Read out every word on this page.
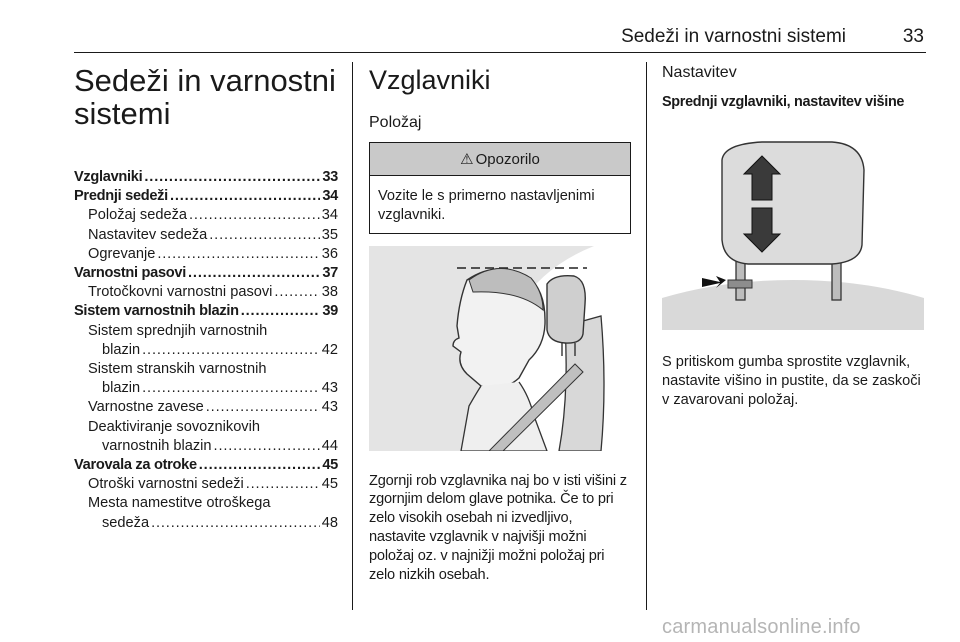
Sedeži in varnostni sistemi	33
Sedeži in varnostni sistemi
Vzglavniki . . .	33
Prednji sedeži . . .	34
Položaj sedeža . . .	34
Nastavitev sedeža . . .	35
Ogrevanje . . .	36
Varnostni pasovi . . .	37
Trotočkovni varnostni pasovi . . .	38
Sistem varnostnih blazin . . .	39
Sistem sprednjih varnostnih
blazin . . .	42
Sistem stranskih varnostnih
blazin . . .	43
Varnostne zavese . . .	43
Deaktiviranje sovoznikovih
varnostnih blazin . . .	44
Varovala za otroke . . .	45
Otroški varnostni sedeži . . .	45
Mesta namestitve otroškega
sedeža . . .	48
Vzglavniki
Položaj
⚠ Opozorilo
Vozite le s primerno nastavljenimi vzglavniki.
Zgornji rob vzglavnika naj bo v isti višini z zgornjim delom glave potnika. Če to pri zelo visokih osebah ni izvedljivo, nastavite vzglavnik v najvišji možni položaj oz. v najnižji možni položaj pri zelo nizkih osebah.
Nastavitev
Sprednji vzglavniki, nastavitev višine
S pritiskom gumba sprostite vzglavnik, nastavite višino in pustite, da se zaskoči v zavarovani položaj.
carmanualsonline.info
